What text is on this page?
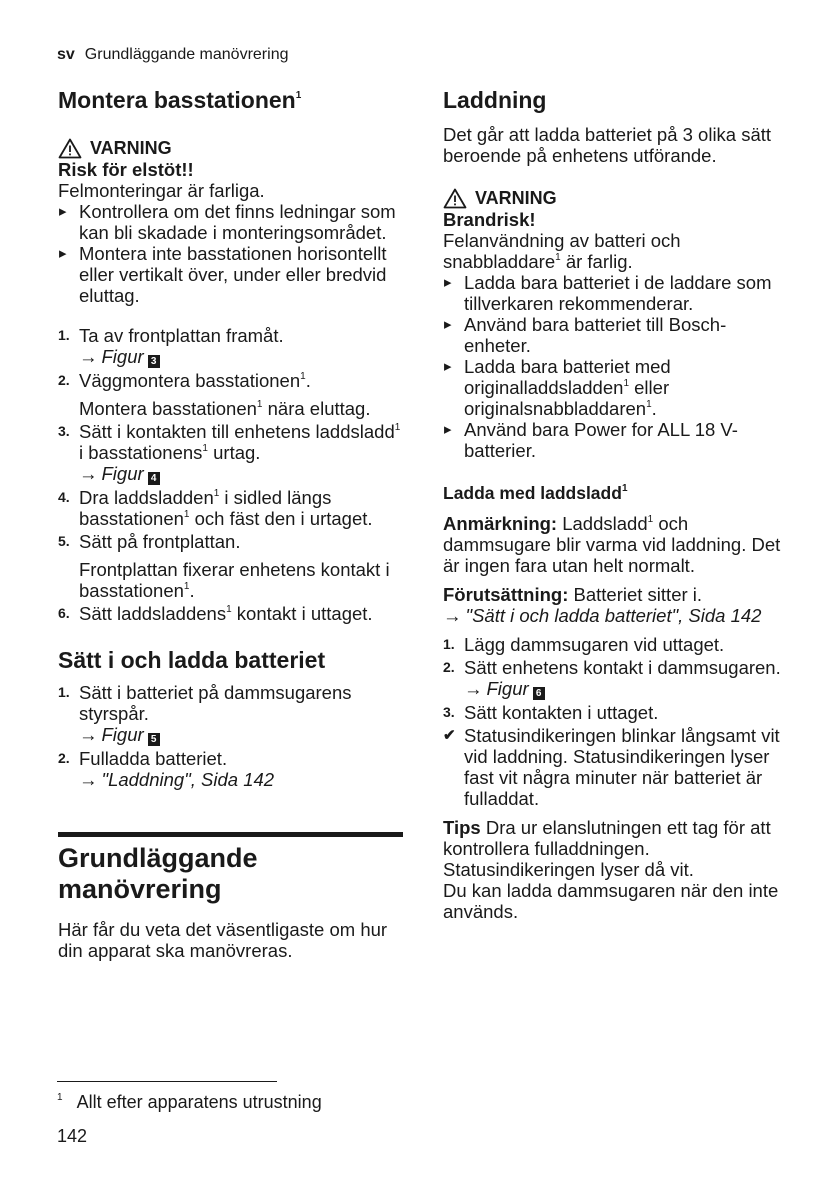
sv Grundläggande manövrering
Montera basstationen$^1$
VARNING

Risk för elstöt!!

Felmonteringar är farliga.

▸ Kontrollera om det finns ledningar som kan bli skadade i monteringsområdet.
▸ Montera inte basstationen horisontellt eller vertikalt över, under eller bredvid eluttag.
1. Ta av frontplattan framåt.
→ Figur 3
2. Väggmontera basstationen$^1$.

Montera basstationen$^1$ nära eluttag.

3. Sätt i kontakten till enhetens laddsladd$^1$ i basstationens$^1$ urtag.
→ Figur 4
4. Dra laddsladden$^1$ i sidled längs basstationen$^1$ och fäst den i urtaget.
5. Sätt på frontplattan.

Frontplattan fixerar enhetens kontakt i basstationen$^1$.

6. Sätt laddsladdens$^1$ kontakt i uttaget.
Sätt i och ladda batteriet
1. Sätt i batteriet på dammsugarens styrspår.
→ Figur 5
2. Fulladda batteriet.
→ "Laddning", Sida 142
Grundläggande
manövrering

Här får du veta det väsentligaste om hur din apparat ska manövreras.

Laddning

Det går att ladda batteriet på 3 olika sätt beroende på enhetens utförande.

VARNING

Brandrisk!

Felanvändning av batteri och snabbladdare$^1$ är farlig.

▸ Ladda bara batteriet i de laddare som tillverkaren rekommenderar.
▸ Använd bara batteriet till Bosch-enheter.
▸ Ladda bara batteriet med originalladdsladden$^1$ eller originalsnabbladdaren$^1$.
▸ Använd bara Power for ALL 18 V-batterier.
Ladda med laddsladd$^1$

Anmärkning: Laddsladd$^1$ och dammsugare blir varma vid laddning. Det är ingen fara utan helt normalt.

Förutsättning: Batteriet sitter i.
→ "Sätt i och ladda batteriet", Sida 142

1. Lägg dammsugaren vid uttaget.
2. Sätt enhetens kontakt i dammsugaren.
→ Figur 6
3. Sätt kontakten i uttaget.
✔ Statusindikeringen blinkar långsamt vit vid laddning. Statusindikeringen lyser fast vit några minuter när batteriet är fulladdat.

Tips Dra ur elanslutningen ett tag för att kontrollera fulladdningen. Statusindikeringen lyser då vit.
Du kan ladda dammsugaren när den inte används.

$^1$ Allt efter apparatens utrustning
142
